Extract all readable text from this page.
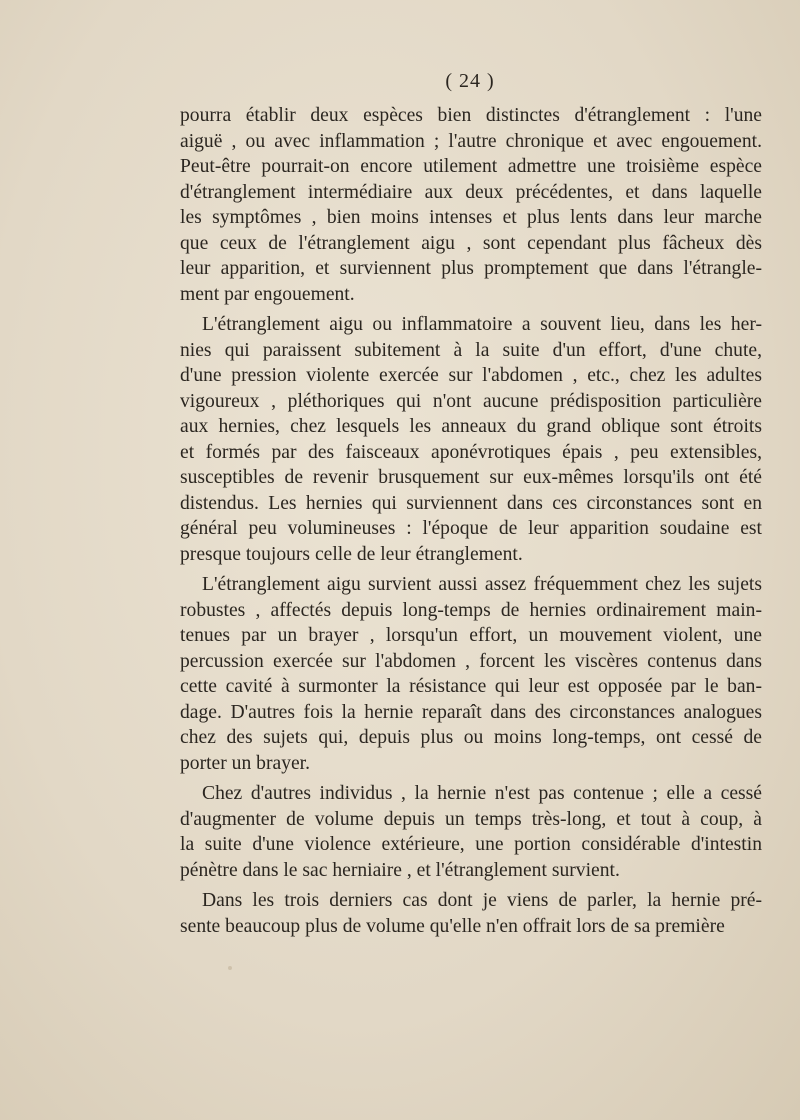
( 24 )
pourra établir deux espèces bien distinctes d'étranglement : l'une
aiguë , ou avec inflammation ; l'autre chronique et avec engouement.
Peut-être pourrait-on encore utilement admettre une troisième espèce
d'étranglement intermédiaire aux deux précédentes, et dans laquelle
les symptômes , bien moins intenses et plus lents dans leur marche
que ceux de l'étranglement aigu , sont cependant plus fâcheux dès
leur apparition, et surviennent plus promptement que dans l'étrangle-
ment par engouement.
L'étranglement aigu ou inflammatoire a souvent lieu, dans les her-
nies qui paraissent subitement à la suite d'un effort, d'une chute,
d'une pression violente exercée sur l'abdomen , etc., chez les adultes
vigoureux , pléthoriques qui n'ont aucune prédisposition particulière
aux hernies, chez lesquels les anneaux du grand oblique sont étroits
et formés par des faisceaux aponévrotiques épais , peu extensibles,
susceptibles de revenir brusquement sur eux-mêmes lorsqu'ils ont été
distendus. Les hernies qui surviennent dans ces circonstances sont en
général peu volumineuses : l'époque de leur apparition soudaine est
presque toujours celle de leur étranglement.
L'étranglement aigu survient aussi assez fréquemment chez les sujets
robustes , affectés depuis long-temps de hernies ordinairement main-
tenues par un brayer , lorsqu'un effort, un mouvement violent, une
percussion exercée sur l'abdomen , forcent les viscères contenus dans
cette cavité à surmonter la résistance qui leur est opposée par le ban-
dage. D'autres fois la hernie reparaît dans des circonstances analogues
chez des sujets qui, depuis plus ou moins long-temps, ont cessé de
porter un brayer.
Chez d'autres individus , la hernie n'est pas contenue ; elle a cessé
d'augmenter de volume depuis un temps très-long, et tout à coup, à
la suite d'une violence extérieure, une portion considérable d'intestin
pénètre dans le sac herniaire , et l'étranglement survient.
Dans les trois derniers cas dont je viens de parler, la hernie pré-
sente beaucoup plus de volume qu'elle n'en offrait lors de sa première
